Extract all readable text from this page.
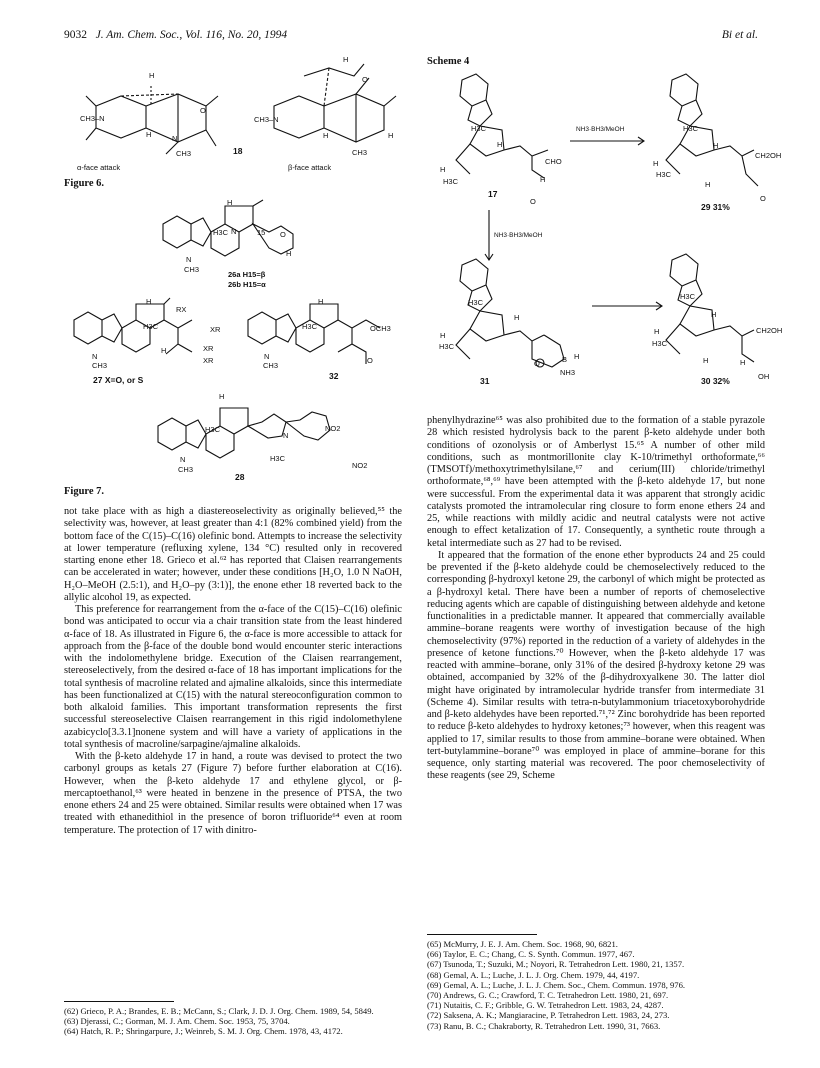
9032 J. Am. Chem. Soc., Vol. 116, No. 20, 1994	Bi et al.
H
CH3–N
O
H	N
CH3	18
α-face attack
H
O
CH3–N
H	H
CH3
β-face attack
Figure 6.
H
H3C N	15 O
N
CH3
H
26a H15=β
26b H15=α
H
RX
H3C	XR
XR
XR
N
CH3
H
27 X=O, or S
H
H3C	OCH3
N
CH3
O
32
H
H3C
N
NO2
H3C
N
CH3	NO2
28
Figure 7.
Scheme 4
H3C
H
CHO
H
H3C	H
O
17
NH3·BH3/MeOH	H3C
H
CH2OH
H
H3C
H
O
29 31%
NH3·BH3/MeOH
H3C
H
H
H3C
O	B H
NH3
31
H3C
H
CH2OH
H
H3C
H	H
OH
30 32%

not take place with as high a diastereoselectivity as originally believed,⁵⁵ the selectivity was, however, at least greater than 4:1 (82% combined yield) from the bottom face of the C(15)–C(16) olefinic bond. Attempts to increase the selectivity at lower temperature (refluxing xylene, 134 °C) resulted only in recovered starting enone ether 18. Grieco et al.⁶² has reported that Claisen rearrangements can be accelerated in water; however, under these conditions [H₂O, 1.0 N NaOH, H₂O–MeOH (2.5:1), and H₂O–py (3:1)], the enone ether 18 reverted back to the allylic alcohol 19, as expected.

This preference for rearrangement from the α-face of the C(15)–C(16) olefinic bond was anticipated to occur via a chair transition state from the least hindered α-face of 18. As illustrated in Figure 6, the α-face is more accessible to attack for approach from the β-face of the double bond would encounter steric interactions with the indolomethylene bridge. Execution of the Claisen rearrangement, stereoselectively, from the desired α-face of 18 has important implications for the total synthesis of macroline related and ajmaline alkaloids, since this intermediate has been functionalized at C(15) with the natural stereoconfiguration common to both alkaloid families. This important transformation represents the first successful stereoselective Claisen rearrangement in this rigid indolomethylene azabicyclo[3.3.1]nonene system and will have a variety of applications in the total synthesis of macroline/sarpagine/ajmaline alkaloids.

With the β-keto aldehyde 17 in hand, a route was devised to protect the two carbonyl groups as ketals 27 (Figure 7) before further elaboration at C(16). However, when the β-keto aldehyde 17 and ethylene glycol, or β-mercaptoethanol,⁶³ were heated in benzene in the presence of PTSA, the two enone ethers 24 and 25 were obtained. Similar results were obtained when 17 was treated with ethanedithiol in the presence of boron trifluoride⁶⁴ even at room temperature. The protection of 17 with dinitro-

(62) Grieco, P. A.; Brandes, E. B.; McCann, S.; Clark, J. D. J. Org. Chem. 1989, 54, 5849.
(63) Djerassi, C.; Gorman, M. J. Am. Chem. Soc. 1953, 75, 3704.
(64) Hatch, R. P.; Shringarpure, J.; Weinreb, S. M. J. Org. Chem. 1978, 43, 4172.

phenylhydrazine⁶⁵ was also prohibited due to the formation of a stable pyrazole 28 which resisted hydrolysis back to the parent β-keto aldehyde under both conditions of ozonolysis or of Amberlyst 15.⁶⁵ A number of other mild conditions, such as montmorillonite clay K-10/trimethyl orthoformate,⁶⁶ (TMSOTf)/methoxytrimethylsilane,⁶⁷ and cerium(III) chloride/trimethyl orthoformate,⁶⁸,⁶⁹ have been attempted with the β-keto aldehyde 17, but none were successful. From the experimental data it was apparent that strongly acidic catalysts promoted the intramolecular ring closure to form enone ethers 24 and 25, while reactions with mildly acidic and neutral catalysts were not active enough to effect ketalization of 17. Consequently, a synthetic route through a ketal intermediate such as 27 had to be revised.

It appeared that the formation of the enone ether byproducts 24 and 25 could be prevented if the β-keto aldehyde could be chemoselectively reduced to the corresponding β-hydroxyl ketone 29, the carbonyl of which might be protected as a β-hydroxyl ketal. There have been a number of reports of chemoselective reducing agents which are capable of distinguishing between aldehyde and ketone functionalities in a predictable manner. It appeared that commercially available ammine–borane reagents were worthy of investigation because of the high chemoselectivity (97%) reported in the reduction of a variety of aldehydes in the presence of ketone functions.⁷⁰ However, when the β-keto aldehyde 17 was reacted with ammine–borane, only 31% of the desired β-hydroxy ketone 29 was obtained, accompanied by 32% of the β-dihydroxyalkene 30. The latter diol might have originated by intramolecular hydride transfer from intermediate 31 (Scheme 4). Similar results with tetra-n-butylammonium triacetoxyborohydride and β-keto aldehydes have been reported.⁷¹,⁷² Zinc borohydride has been reported to reduce β-keto aldehydes to hydroxy ketones;⁷³ however, when this reagent was applied to 17, similar results to those from ammine–borane were obtained. When tert-butylammine–borane⁷⁰ was employed in place of ammine–borane for this sequence, only starting material was recovered. The poor chemoselectivity of these reagents (see 29, Scheme

(65) McMurry, J. E. J. Am. Chem. Soc. 1968, 90, 6821.
(66) Taylor, E. C.; Chang, C. S. Synth. Commun. 1977, 467.
(67) Tsunoda, T.; Suzuki, M.; Noyori, R. Tetrahedron Lett. 1980, 21, 1357.
(68) Gemal, A. L.; Luche, J. L. J. Org. Chem. 1979, 44, 4197.
(69) Gemal, A. L.; Luche, J. L. J. Chem. Soc., Chem. Commun. 1978, 976.
(70) Andrews, G. C.; Crawford, T. C. Tetrahedron Lett. 1980, 21, 697.
(71) Nutaitis, C. F.; Gribble, G. W. Tetrahedron Lett. 1983, 24, 4287.
(72) Saksena, A. K.; Mangiaracine, P. Tetrahedron Lett. 1983, 24, 273.
(73) Ranu, B. C.; Chakraborty, R. Tetrahedron Lett. 1990, 31, 7663.
